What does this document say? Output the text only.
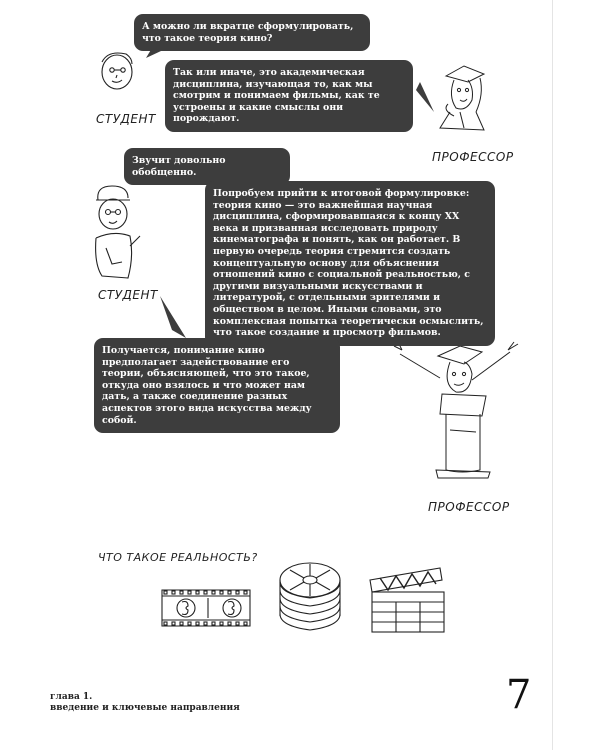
А можно ли вкратце сформулировать, что такое теория кино?

Так или иначе, это академическая дисциплина, изучающая то, как мы смотрим и понимаем фильмы, как те устроены и какие смыслы они порождают.

Звучит довольно обобщенно.

Попробуем прийти к итоговой формулировке: теория кино — это важнейшая научная дисциплина, сформировавшаяся к концу XX века и призванная исследовать природу кинематографа и понять, как он работает. В первую очередь теория стремится создать концептуальную основу для объяснения отношений кино с социальной реальностью, с другими визуальными искусствами и литературой, с отдельными зрителями и обществом в целом. Иными словами, это комплексная попытка теоретически осмыслить, что такое создание и просмотр фильмов.

Получается, понимание кино предполагает задействование его теории, объясняющей, что это такое, откуда оно взялось и что может нам дать, а также соединение разных аспектов этого вида искусства между собой.

СТУДЕНТ
ПРОФЕССОР
СТУДЕНТ
ПРОФЕССОР
ЧТО ТАКОЕ РЕАЛЬНОСТЬ?
глава 1.
введение и ключевые направления	7
